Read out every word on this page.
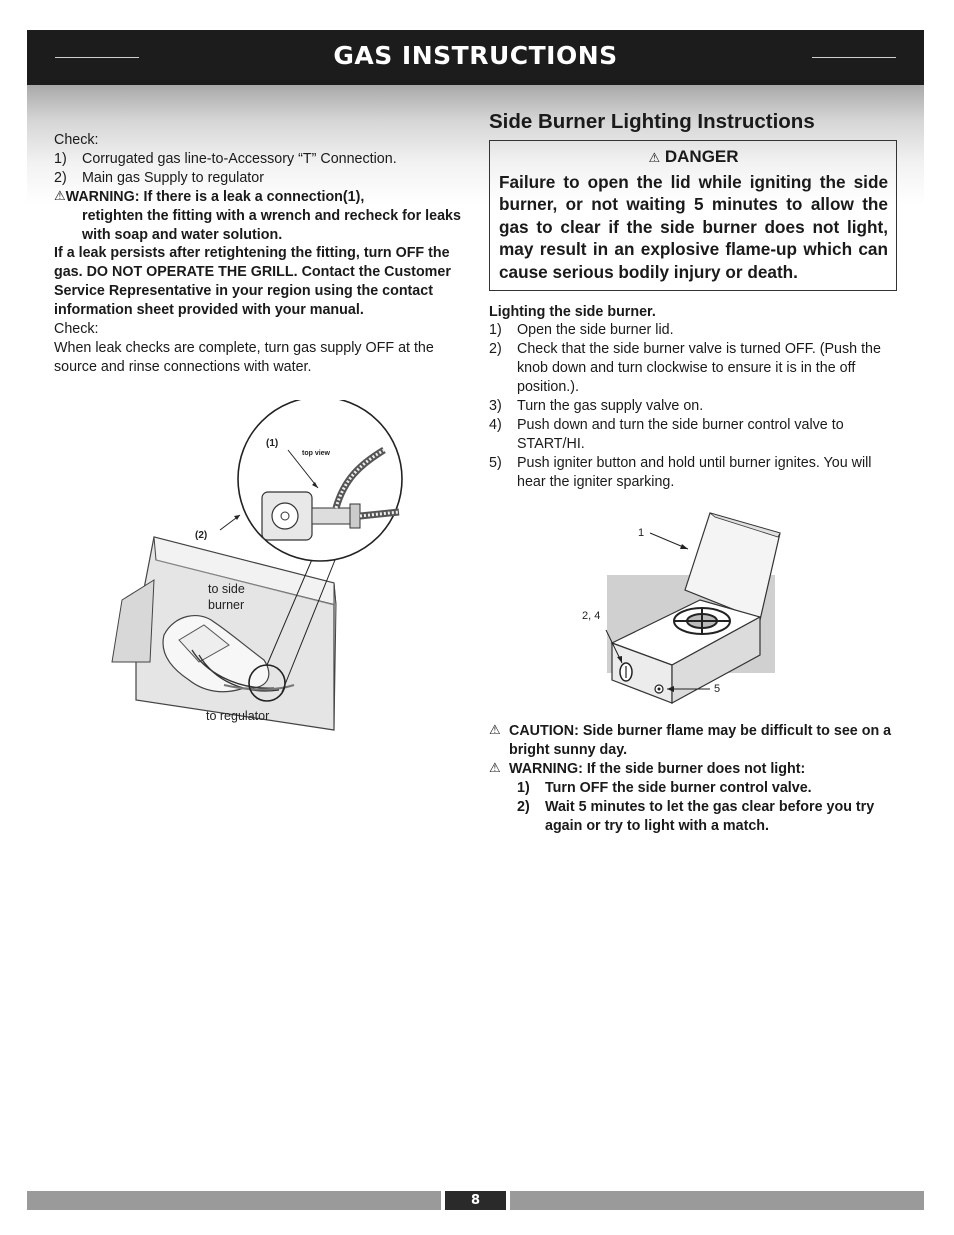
GAS INSTRUCTIONS

Check:

1)	Corrugated gas line-to-Accessory “T” Connection.
2)	Main gas Supply to regulator
⚠ WARNING: If there is a leak a connection(1),
retighten the fitting with a wrench and recheck for leaks with soap and water solution.

If a leak persists after retightening the fitting, turn OFF the gas. DO NOT OPERATE THE GRILL. Contact the Customer Service Representative in your region using the contact information sheet provided with your manual.

Check:

When leak checks are complete, turn gas supply OFF at the source and rinse connections with water.

(1)
top view
(2)
to side burner
to regulator
Side Burner Lighting Instructions
⚠ DANGER
Failure to open the lid while igniting the side burner, or not waiting 5 minutes to allow the gas to clear if the side burner does not light, may result in an explosive flame-up which can cause serious bodily injury or death.
Lighting the side burner.
1)	Open the side burner lid.
2)	Check that the side burner valve is turned OFF. (Push the knob down and turn clockwise to ensure it is in the off position.).
3)	Turn the gas supply valve on.
4)	Push down and turn the side burner control valve to START/HI.
5)	Push igniter button and hold until burner ignites. You will hear the igniter sparking.
1
2, 4
5
⚠ CAUTION: Side burner flame may be difficult to see on a bright sunny day.
⚠ WARNING: If the side burner does not light:
1)	Turn OFF the side burner control valve.
2)	Wait 5 minutes to let the gas clear before you try again or try to light with a match.
8
